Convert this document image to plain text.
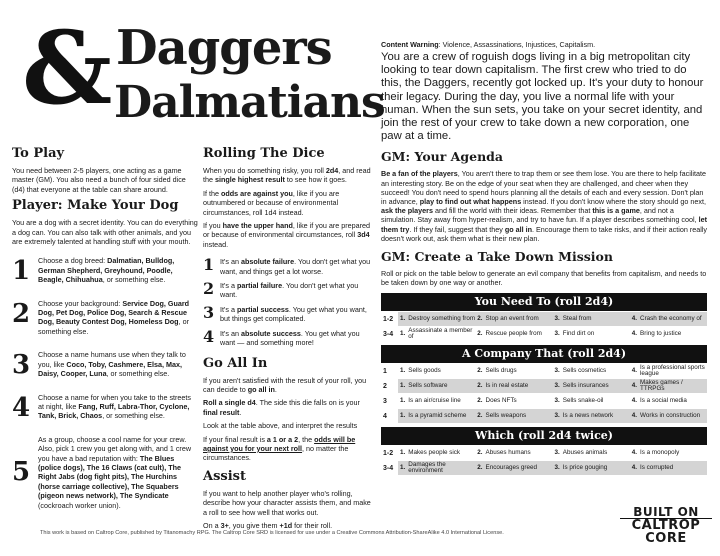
& Daggers
Dalmatians
To Play

You need between 2-5 players, one acting as a game master (GM). You also need a bunch of four sided dice (d4) that everyone at the table can share around.

Player: Make Your Dog

You are a dog with a secret identity. You can do everything a dog can. You can also talk with other animals, and you are extremely talented at handling stuff with your mouth.

1	Choose a dog breed: Dalmatian, Bulldog, German Shepherd, Greyhound, Poodle, Beagle, Chihuahua, or something else.
2	Choose your background: Service Dog, Guard Dog, Pet Dog, Police Dog, Search & Rescue Dog, Beauty Contest Dog, Homeless Dog, or something else.
3	Choose a name humans use when they talk to you, like Coco, Toby, Cashmere, Elsa, Max, Daisy, Cooper, Luna, or something else.
4	Choose a name for when you take to the streets at night, like Fang, Ruff, Labra-Thor, Cyclone, Tank, Brick, Chaos, or something else.
5
As a group, choose a cool name for your crew. Also, pick 1 crew you get along with, and 1 crew you have a bad reputation with: The Blues (police dogs), The 16 Claws (cat cult), The Right Jabs (dog fight pits), The Hurchins (horse carriage collective), The Squabers (pigeon news network), The Syndicate (cockroach worker union).
Rolling The Dice

When you do something risky, you roll 2d4, and read the single highest result to see how it goes.

If the odds are against you, like if you are outnumbered or because of environmental circumstances, roll 1d4 instead.

If you have the upper hand, like if you are prepared or because of environmental circumstances, roll 3d4 instead.

1 It's an absolute failure. You don't get what you want, and things get a lot worse.
2 It's a partial failure. You don't get what you want.
3 It's a partial success. You get what you want, but things get complicated.
4 It's an absolute success. You get what you want — and something more!
Go All In

If you aren't satisfied with the result of your roll, you can decide to go all in.

Roll a single d4. The side this die falls on is your final result.

Look at the table above, and interpret the results

If your final result is a 1 or a 2, the odds will be against you for your next roll, no matter the circumstances.

Assist

If you want to help another player who's rolling, describe how your character assists them, and make a roll to see how well that works out.

On a 3+, you give them +1d for their roll.

Content Warning: Violence, Assassinations, Injustices, Capitalism.
You are a crew of roguish dogs living in a big metropolitan city looking to tear down capitalism. The first crew who tried to do this, the Daggers, recently got locked up. It's your duty to honour their legacy. During the day, you live a normal life with your human. When the sun sets, you take on your secret identity, and join the rest of your crew to take down a new corporation, one paw at a time.
GM: Your Agenda

Be a fan of the players, You aren't there to trap them or see them lose. You are there to help facilitate an interesting story. Be on the edge of your seat when they are challenged, and cheer when they succeed! You don't need to spend hours planning all the details of each and every session. Don't plan in advance, play to find out what happens instead. If you don't know where the story should go next, ask the players and fill the world with their ideas. Remember that this is a game, and not a simulation. Stay away from hyper-realism, and try to have fun. If a player describes something cool, let them try. If they fail, suggest that they go all in. Encourage them to take risks, and if their action really doesn't work out, ask them what is their new plan.

GM: Create a Take Down Mission

Roll or pick on the table below to generate an evil company that benefits from capitalism, and needs to be taken down by one way or another.

You Need To (roll 2d4)
1-2	1. Destroy something from 2. Stop an event from	3. Steal from	4. Crash the economy of
3-4	1. Assassinate a member of	2. Rescue people from 3. Find dirt on	4. Bring to justice
A Company That (roll 2d4)
1	1. Sells goods	2. Sells drugs	3. Sells cosmetics	4. Is a professional sports league
2	1. Sells software	2. Is in real estate	3. Sells insurances	4. Makes games / TTRPGs
3	1. Is an air/cruise line	2. Does NFTs	3. Sells snake-oil	4. Is a social media
4	1. Is a pyramid scheme 2. Sells weapons	3. Is a news network	4. Works in construction
Which (roll 2d4 twice)
1-2	1. Makes people sick	2. Abuses humans	3. Abuses animals	4. Is a monopoly
3-4	1. Damages the environment	2. Encourages greed	3. Is price gouging	4. Is corrupted
This work is based on Caltrop Core, published by Titanomachy RPG. The Caltrop Core SRD is licensed for use under a Creative Commons Attribution-ShareAlike 4.0 International License.
BUILT ON
CALTROP
CORE
